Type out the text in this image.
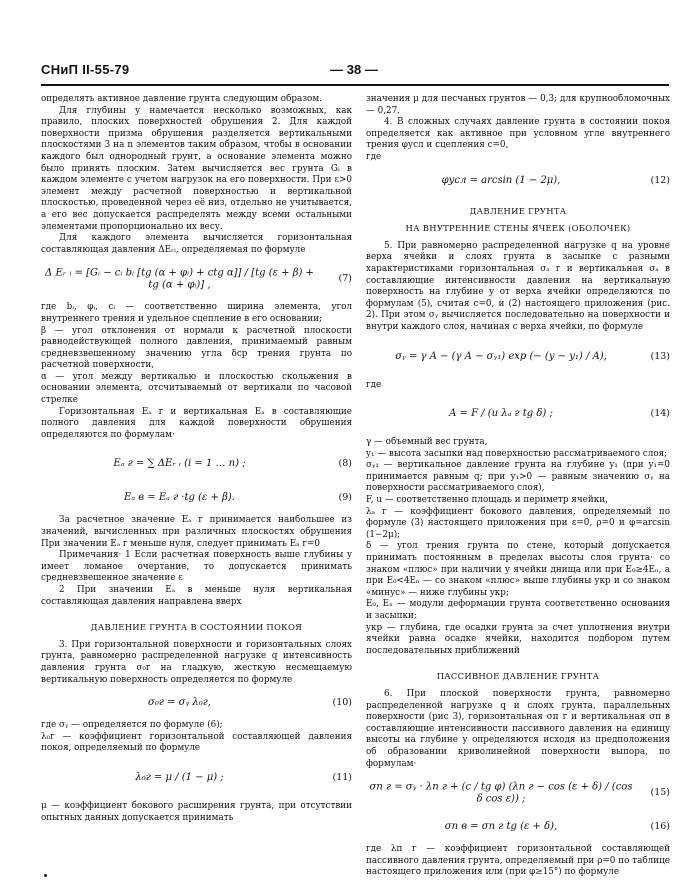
СНиП II-55-79	— 38 —

определять активное давление грунта следующим образом.

Для глубины y намечается несколько возможных, как правило, плоских поверхностей обрушения 2. Для каждой поверхности призма обрушения разделяется вертикальными плоскостями 3 на n элементов таким образом, чтобы в основании каждого был однородный грунт, а основание элемента можно было принять плоским. Затем вычисляется вес грунта Gᵢ в каждом элементе с учетом нагрузок на его поверхности. При ε>0 элемент между расчетной поверхностью и вертикальной плоскостью, проведенной через eё низ, отдельно не учитывается, а его вес допускается распределять между всеми остальными элементами пропорционально их весу.

Для каждого элемента вычисляется горизонтальная составляющая давления ΔEᵣᵢ, определяемая по формуле

Δ Eᵣ ᵢ = [Gᵢ − cᵢ bᵢ [tg (α + φᵢ) + ctg α]] / [tg (ε + β) + tg (α + φᵢ)] ,
(7)

где bᵢ, φᵢ, cᵢ — соответственно ширина элемента, угол внутреннего трения и удельное сцепление в его основании;

β — угол отклонения от нормали к расчетной плоскости равнодействующей полного давления, принимаемый равным средневзвешенному значению угла δcp трения грунта по расчетной поверхности,

α — угол между вертикалью и плоскостью скольжения в основании элемента, отсчитываемый от вертикали по часовой стрелке

Горизонтальная Eₐ г и вертикальная Eₐ в составляющие полного давления для каждой поверхности обрушения определяются по формулам·

Eₐ г = ∑ ΔEᵣ ᵢ (i = 1 … n) ;	(8)
Eₐ в = Eₐ г ·tg (ε + β).	(9)

За расчетное значение Eₐ г принимается наибольшее из значений, вычисленных при различных плоскостях обрушения При значении Eₐ г меньше нуля, следует принимать Eₐ г=0

Примечания· 1 Если расчетная поверхность выше глубины y имеет ломаное очертание, то допускается принимать средневзвешенное значение ε

2 При значении Eₐ в меньше нуля вертикальная составляющая давления направлена вверх

ДАВЛЕНИЕ ГРУНТА В СОСТОЯНИИ ПОКОЯ

3. При горизонтальной поверхности и горизонтальных слоях грунта, равномерно распределенной нагрузке q интенсивность давления грунта σ₀г на гладкую, жесткую несмещаемую вертикальную поверхность определяется по формуле

σ₀г = σᵧ λ₀г,	(10)

где σᵧ — определяется по формуле (6);

λ₀г — коэффициент горизонтальной составляющей давления покоя, определяемый по формуле

λ₀г = μ / (1 − μ) ;	(11)

μ — коэффициент бокового расширения грунта, при отсутствии опытных данных допускается принимать

значения μ для песчаных грунтов — 0,3; для крупнообломочных — 0,27.

4. В сложных случаях давление грунта в состоянии покоя определяется как активное при условном угле внутреннего трения φусл и сцепления c=0,

где

φусл = arcsin (1 − 2μ),	(12)
ДАВЛЕНИЕ ГРУНТА
НА ВНУТРЕННИЕ СТЕНЫ ЯЧЕЕК (ОБОЛОЧЕК)

5. При равномерно распределенной нагрузке q на уровне верха ячейки и слоях грунта в засыпке с разными характеристиками горизонтальная σₐ г и вертикальная σₐ в составляющие интенсивности давления на вертикальную поверхность на глубине y от верха ячейки определяются по формулам (5), считая c=0, и (2) настоящего приложения (рис. 2). При этом σᵧ вычисляется последовательно на поверхности и внутри каждого слоя, начиная с верха ячейки, по формуле

σᵧ = γ A − (γ A − σᵧ₁) exp (− (y − y₁) / A),	(13)

где

A = F / (u λₐ г tg δ) ;	(14)

γ — объемный вес грунта,

y₁ — высота засыпки над поверхностью рассматриваемого слоя;

σᵧ₁ — вертикальное давление грунта на глубине y₁ (при y₁=0 принимается равным q; при y₁>0 — равным значению σᵧ на поверхности рассматриваемого слоя),

F, u — соответственно площадь и периметр ячейки,

λₐ г — коэффициент бокового давления, определяемый по формуле (3) настоящего приложения при ε=0, ρ=0 и φ=arcsin (1−2μ);

δ — угол трения грунта по стене, который допускается принимать постоянным в пределах высоты слоя грунта· со знаком «плюс» при наличии у ячейки днища или при E₀≥4Eₙ, а при E₀<4Eₙ — со знаком «плюс» выше глубины yкр и со знаком «минус» — ниже глубины yкр;

E₀, Eₙ — модули деформации грунта соответственно основания и засыпки;

yкр — глубина, где осадки грунта за счет уплотнения внутри ячейки равна осадке ячейки, находится подбором путем последовательных приближений

ПАССИВНОЕ ДАВЛЕНИЕ ГРУНТА

6. При плоской поверхности грунта, равномерно распределенной нагрузке q и слоях грунта, параллельных поверхности (рис 3), горизонтальная σп г и вертикальная σп в составляющие интенсивности пассивного давления на единицу высоты на глубине y определяются исходя из предположения об образовании криволинейной поверхности выпора, по формулам·

σп г = σᵧ · λп г + (c / tg φ) (λп г − cos (ε + δ) / (cos δ cos ε)) ;
(15)
σп в = σп г tg (ε + δ),	(16)

где λп г — коэффициент горизонтальной составляющей пассивного давления грунта, определяемый при ρ=0 по таблице настоящего приложения или (при φ≥15°) по формуле
